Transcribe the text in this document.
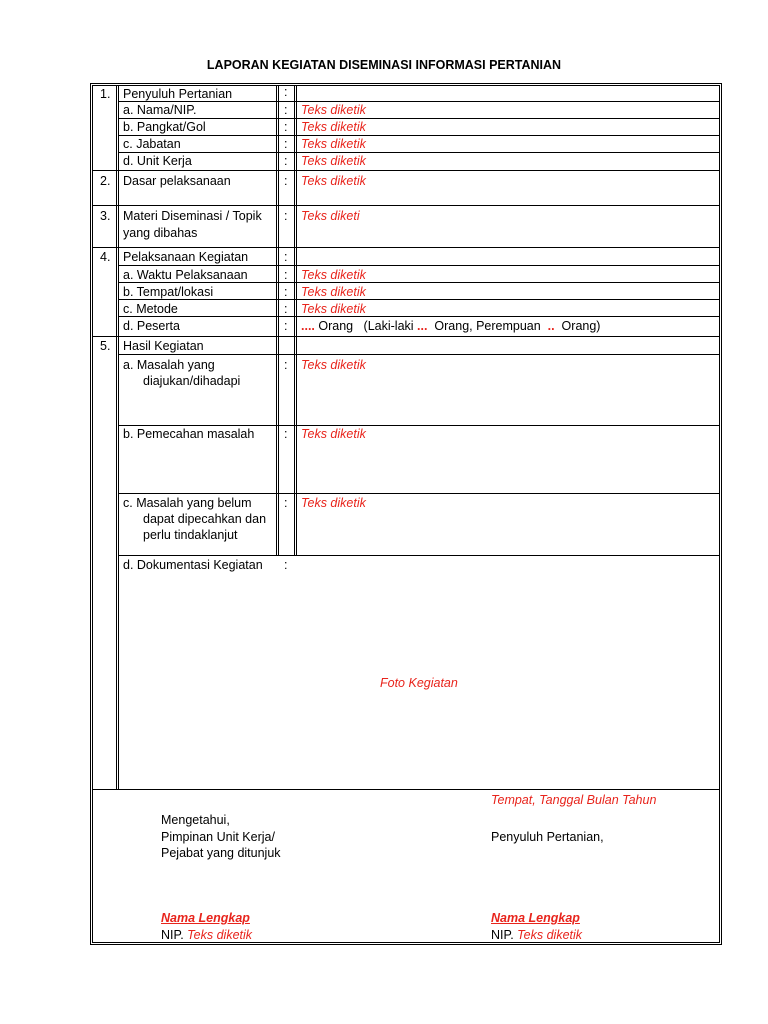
LAPORAN KEGIATAN DISEMINASI INFORMASI PERTANIAN
1. Penyuluh Pertanian	:
a. Nama/NIP.	: Teks diketik
b. Pangkat/Gol	: Teks diketik
c. Jabatan	: Teks diketik
d. Unit Kerja	: Teks diketik
2. Dasar pelaksanaan	: Teks diketik
3. Materi Diseminasi / Topik
yang dibahas
: Teks diketi
4. Pelaksanaan Kegiatan	:
a. Waktu Pelaksanaan	: Teks diketik
b. Tempat/lokasi	: Teks diketik
c. Metode	: Teks diketik
d. Peserta	: .... Orang   (Laki-laki ...  Orang, Perempuan  ..  Orang)
5. Hasil Kegiatan
a. Masalah yang
diajukan/dihadapi
: Teks diketik
b. Pemecahan masalah : Teks diketik
c. Masalah yang belum
dapat dipecahkan dan
perlu tindaklanjut
: Teks diketik
d. Dokumentasi Kegiatan :
Foto Kegiatan
Tempat, Tanggal Bulan Tahun
Mengetahui,
Pimpinan Unit Kerja/
Pejabat yang ditunjuk
Penyuluh Pertanian,
Nama Lengkap
NIP. Teks diketik
Nama Lengkap
NIP. Teks diketik
